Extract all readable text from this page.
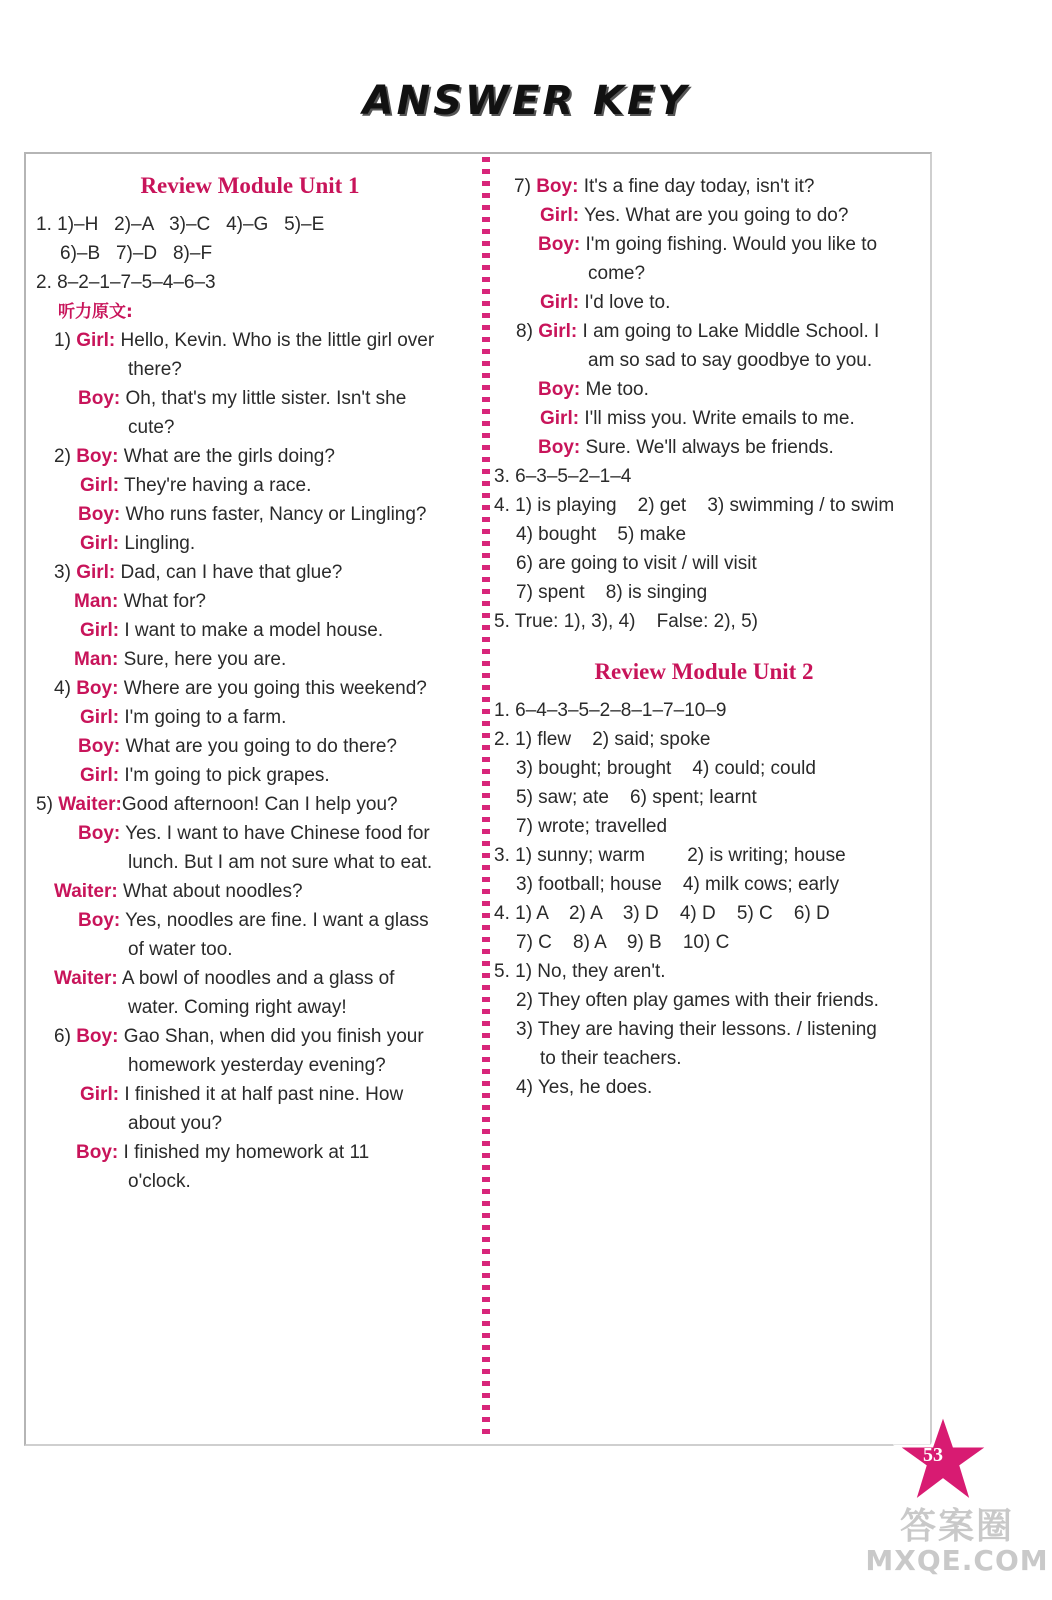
ANSWER KEY
Review Module Unit 1
1. 1)–H   2)–A   3)–C   4)–G   5)–E
6)–B   7)–D   8)–F
2. 8–2–1–7–5–4–6–3
听力原文:
1) Girl: Hello, Kevin. Who is the little girl over
there?
Boy: Oh, that's my little sister. Isn't she
cute?
2) Boy: What are the girls doing?
Girl: They're having a race.
Boy: Who runs faster, Nancy or Lingling?
Girl: Lingling.
3) Girl: Dad, can I have that glue?
Man: What for?
Girl: I want to make a model house.
Man: Sure, here you are.
4) Boy: Where are you going this weekend?
Girl: I'm going to a farm.
Boy: What are you going to do there?
Girl: I'm going to pick grapes.
5) Waiter:Good afternoon! Can I help you?
Boy: Yes. I want to have Chinese food for
lunch. But I am not sure what to eat.
Waiter: What about noodles?
Boy: Yes, noodles are fine. I want a glass
of water too.
Waiter: A bowl of noodles and a glass of
water. Coming right away!
6) Boy: Gao Shan, when did you finish your
homework yesterday evening?
Girl: I finished it at half past nine. How
about you?
Boy: I finished my homework at 11
o'clock.
7) Boy: It's a fine day today, isn't it?
Girl: Yes. What are you going to do?
Boy: I'm going fishing. Would you like to
come?
Girl: I'd love to.
8) Girl: I am going to Lake Middle School. I
am so sad to say goodbye to you.
Boy: Me too.
Girl: I'll miss you. Write emails to me.
Boy: Sure. We'll always be friends.
3. 6–3–5–2–1–4
4. 1) is playing    2) get    3) swimming / to swim
4) bought    5) make
6) are going to visit / will visit
7) spent    8) is singing
5. True: 1), 3), 4)    False: 2), 5)
Review Module Unit 2
1. 6–4–3–5–2–8–1–7–10–9
2. 1) flew    2) said; spoke
3) bought; brought    4) could; could
5) saw; ate    6) spent; learnt
7) wrote; travelled
3. 1) sunny; warm        2) is writing; house
3) football; house    4) milk cows; early
4. 1) A    2) A    3) D    4) D    5) C    6) D
7) C    8) A    9) B    10) C
5. 1) No, they aren't.
2) They often play games with their friends.
3) They are having their lessons. / listening
to their teachers.
4) Yes, he does.
53
答案圈
MXQE.COM
